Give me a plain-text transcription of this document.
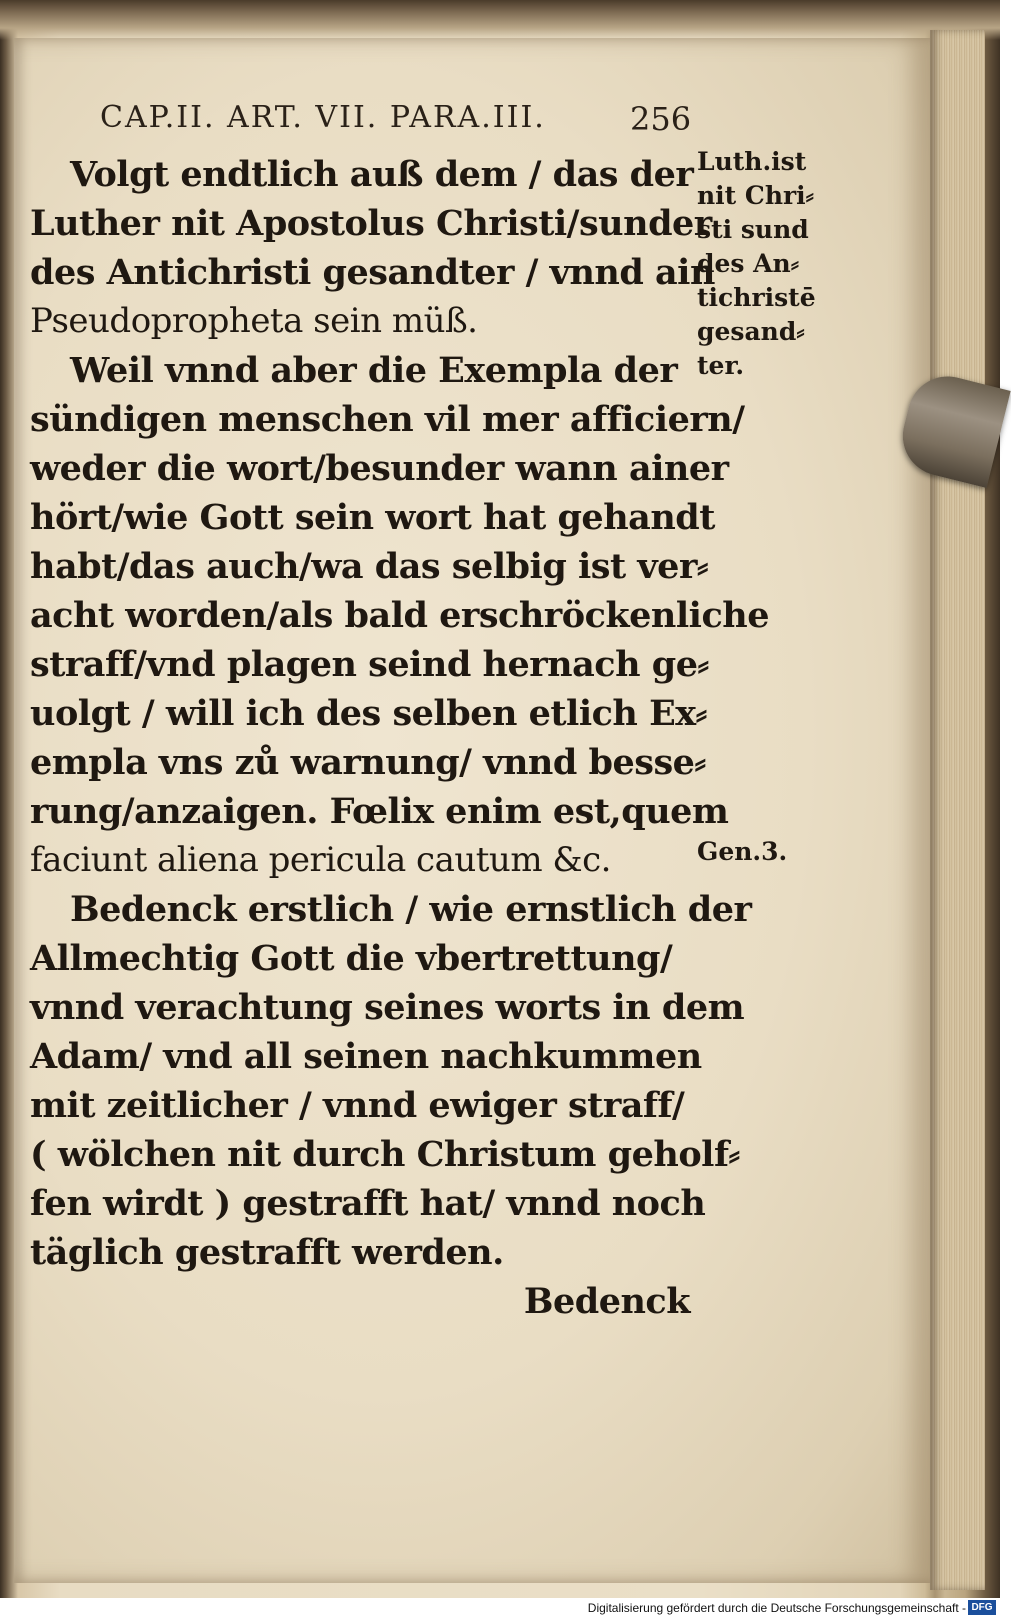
CAP.II. ART. VII. PARA.III.	256
Volgt endtlich auß dem / das der
Luther nit Apostolus Christi/sunder
des Antichristi gesandter / vnnd ain
Pseudopropheta sein müß.
Weil vnnd aber die Exempla der
sündigen menschen vil mer afficiern/
weder die wort/besunder wann ainer
hört/wie Gott sein wort hat gehandt
habt/das auch/wa das selbig ist ver⸗
acht worden/als bald erschröckenliche
straff/vnd plagen seind hernach ge⸗
uolgt / will ich des selben etlich Ex⸗
empla vns zů warnung/ vnnd besse⸗
rung/anzaigen. Fœlix enim est,quem
faciunt aliena pericula cautum &c.
Bedenck erstlich / wie ernstlich der
Allmechtig Gott die vbertrettung/
vnnd verachtung seines worts in dem
Adam/ vnd all seinen nachkummen
mit zeitlicher / vnnd ewiger straff/
( wölchen nit durch Christum geholf⸗
fen wirdt ) gestrafft hat/ vnnd noch
täglich gestrafft werden.
Bedenck
Luth.ist
nit Chri⸗
sti sund
des An⸗
tichristē
gesand⸗
ter.
Gen.3.
Digitalisierung gefördert durch die Deutsche Forschungsgemeinschaft - DFG
